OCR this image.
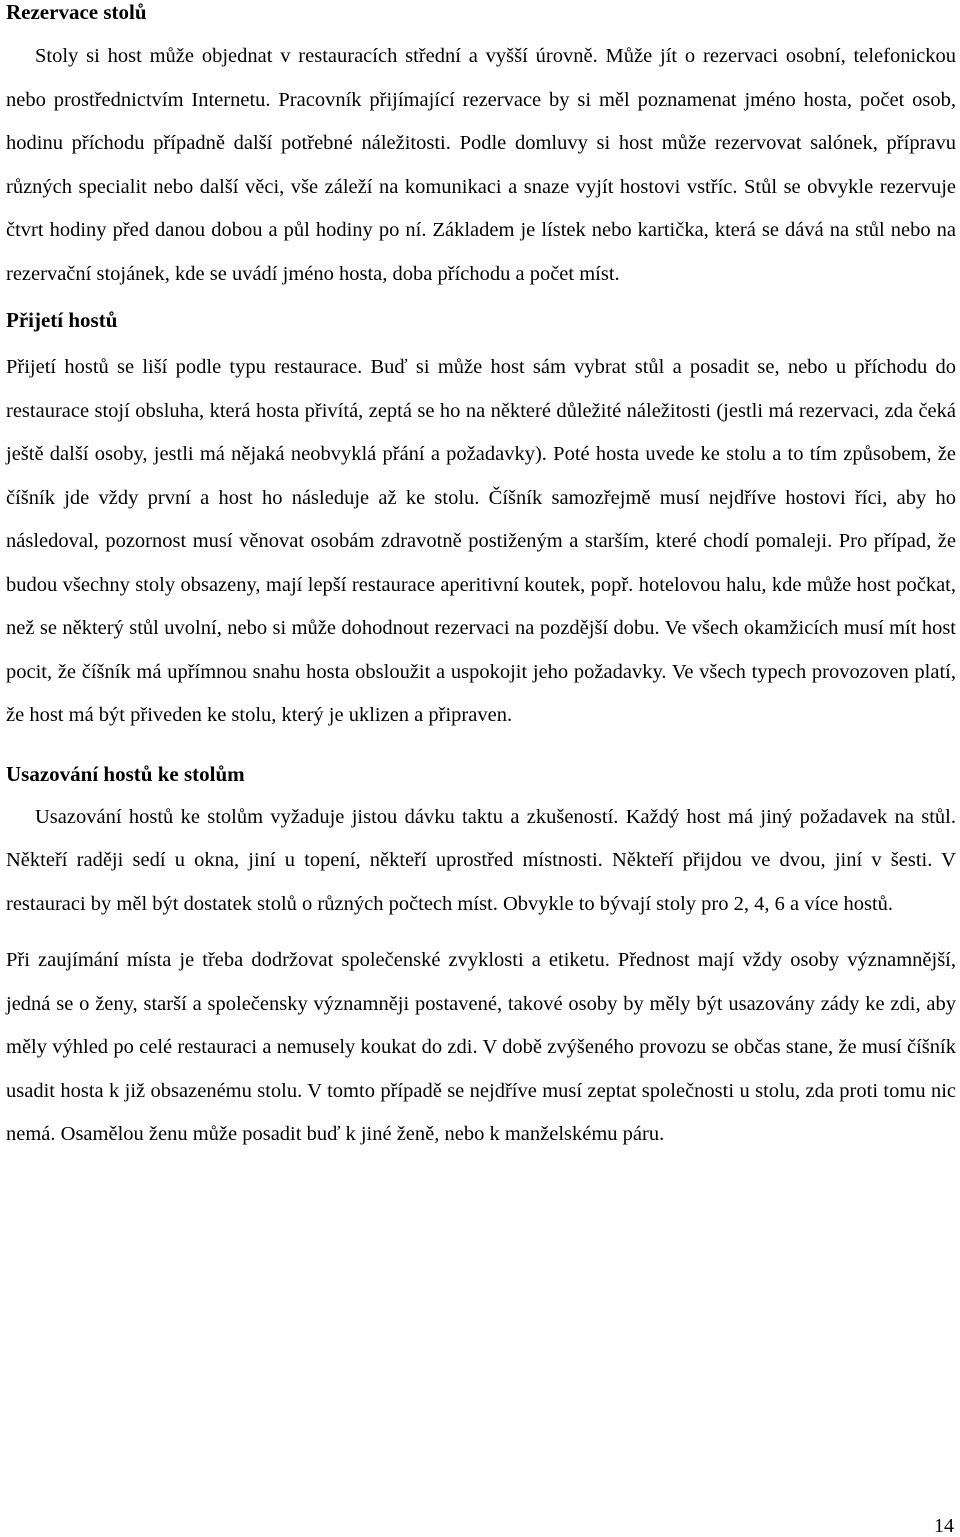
Rezervace stolů

Stoly si host může objednat v restauracích střední a vyšší úrovně. Může jít o rezervaci osobní, telefonickou nebo prostřednictvím Internetu. Pracovník přijímající rezervace by si měl poznamenat jméno hosta, počet osob, hodinu příchodu případně další potřebné náležitosti. Podle domluvy si host může rezervovat salónek, přípravu různých specialit nebo další věci, vše záleží na komunikaci a snaze vyjít hostovi vstříc. Stůl se obvykle rezervuje čtvrt hodiny před danou dobou a půl hodiny po ní. Základem je lístek nebo kartička, která se dává na stůl nebo na rezervační stojánek, kde se uvádí jméno hosta, doba příchodu a počet míst.

Přijetí hostů

Přijetí hostů se liší podle typu restaurace. Buď si může host sám vybrat stůl a posadit se, nebo u příchodu do restaurace stojí obsluha, která hosta přivítá, zeptá se ho na některé důležité náležitosti (jestli má rezervaci, zda čeká ještě další osoby, jestli má nějaká neobvyklá přání a požadavky). Poté hosta uvede ke stolu a to tím způsobem, že číšník jde vždy první a host ho následuje až ke stolu. Číšník samozřejmě musí nejdříve hostovi říci, aby ho následoval, pozornost musí věnovat osobám zdravotně postiženým a starším, které chodí pomaleji. Pro případ, že budou všechny stoly obsazeny, mají lepší restaurace aperitivní koutek, popř. hotelovou halu, kde může host počkat, než se některý stůl uvolní, nebo si může dohodnout rezervaci na pozdější dobu. Ve všech okamžicích musí mít host pocit, že číšník má upřímnou snahu hosta obsloužit a uspokojit jeho požadavky. Ve všech typech provozoven platí, že host má být přiveden ke stolu, který je uklizen a připraven.

Usazování hostů ke stolům

Usazování hostů ke stolům vyžaduje jistou dávku taktu a zkušeností. Každý host má jiný požadavek na stůl. Někteří raději sedí u okna, jiní u topení, někteří uprostřed místnosti. Někteří přijdou ve dvou, jiní v šesti. V restauraci by měl být dostatek stolů o různých počtech míst. Obvykle to bývají stoly pro 2, 4, 6 a více hostů.

Při zaujímání místa je třeba dodržovat společenské zvyklosti a etiketu. Přednost mají vždy osoby významnější, jedná se o ženy, starší a společensky významněji postavené, takové osoby by měly být usazovány zády ke zdi, aby měly výhled po celé restauraci a nemusely koukat do zdi. V době zvýšeného provozu se občas stane, že musí číšník usadit hosta k již obsazenému stolu. V tomto případě se nejdříve musí zeptat společnosti u stolu, zda proti tomu nic nemá. Osamělou ženu může posadit buď k jiné ženě, nebo k manželskému páru.

14
